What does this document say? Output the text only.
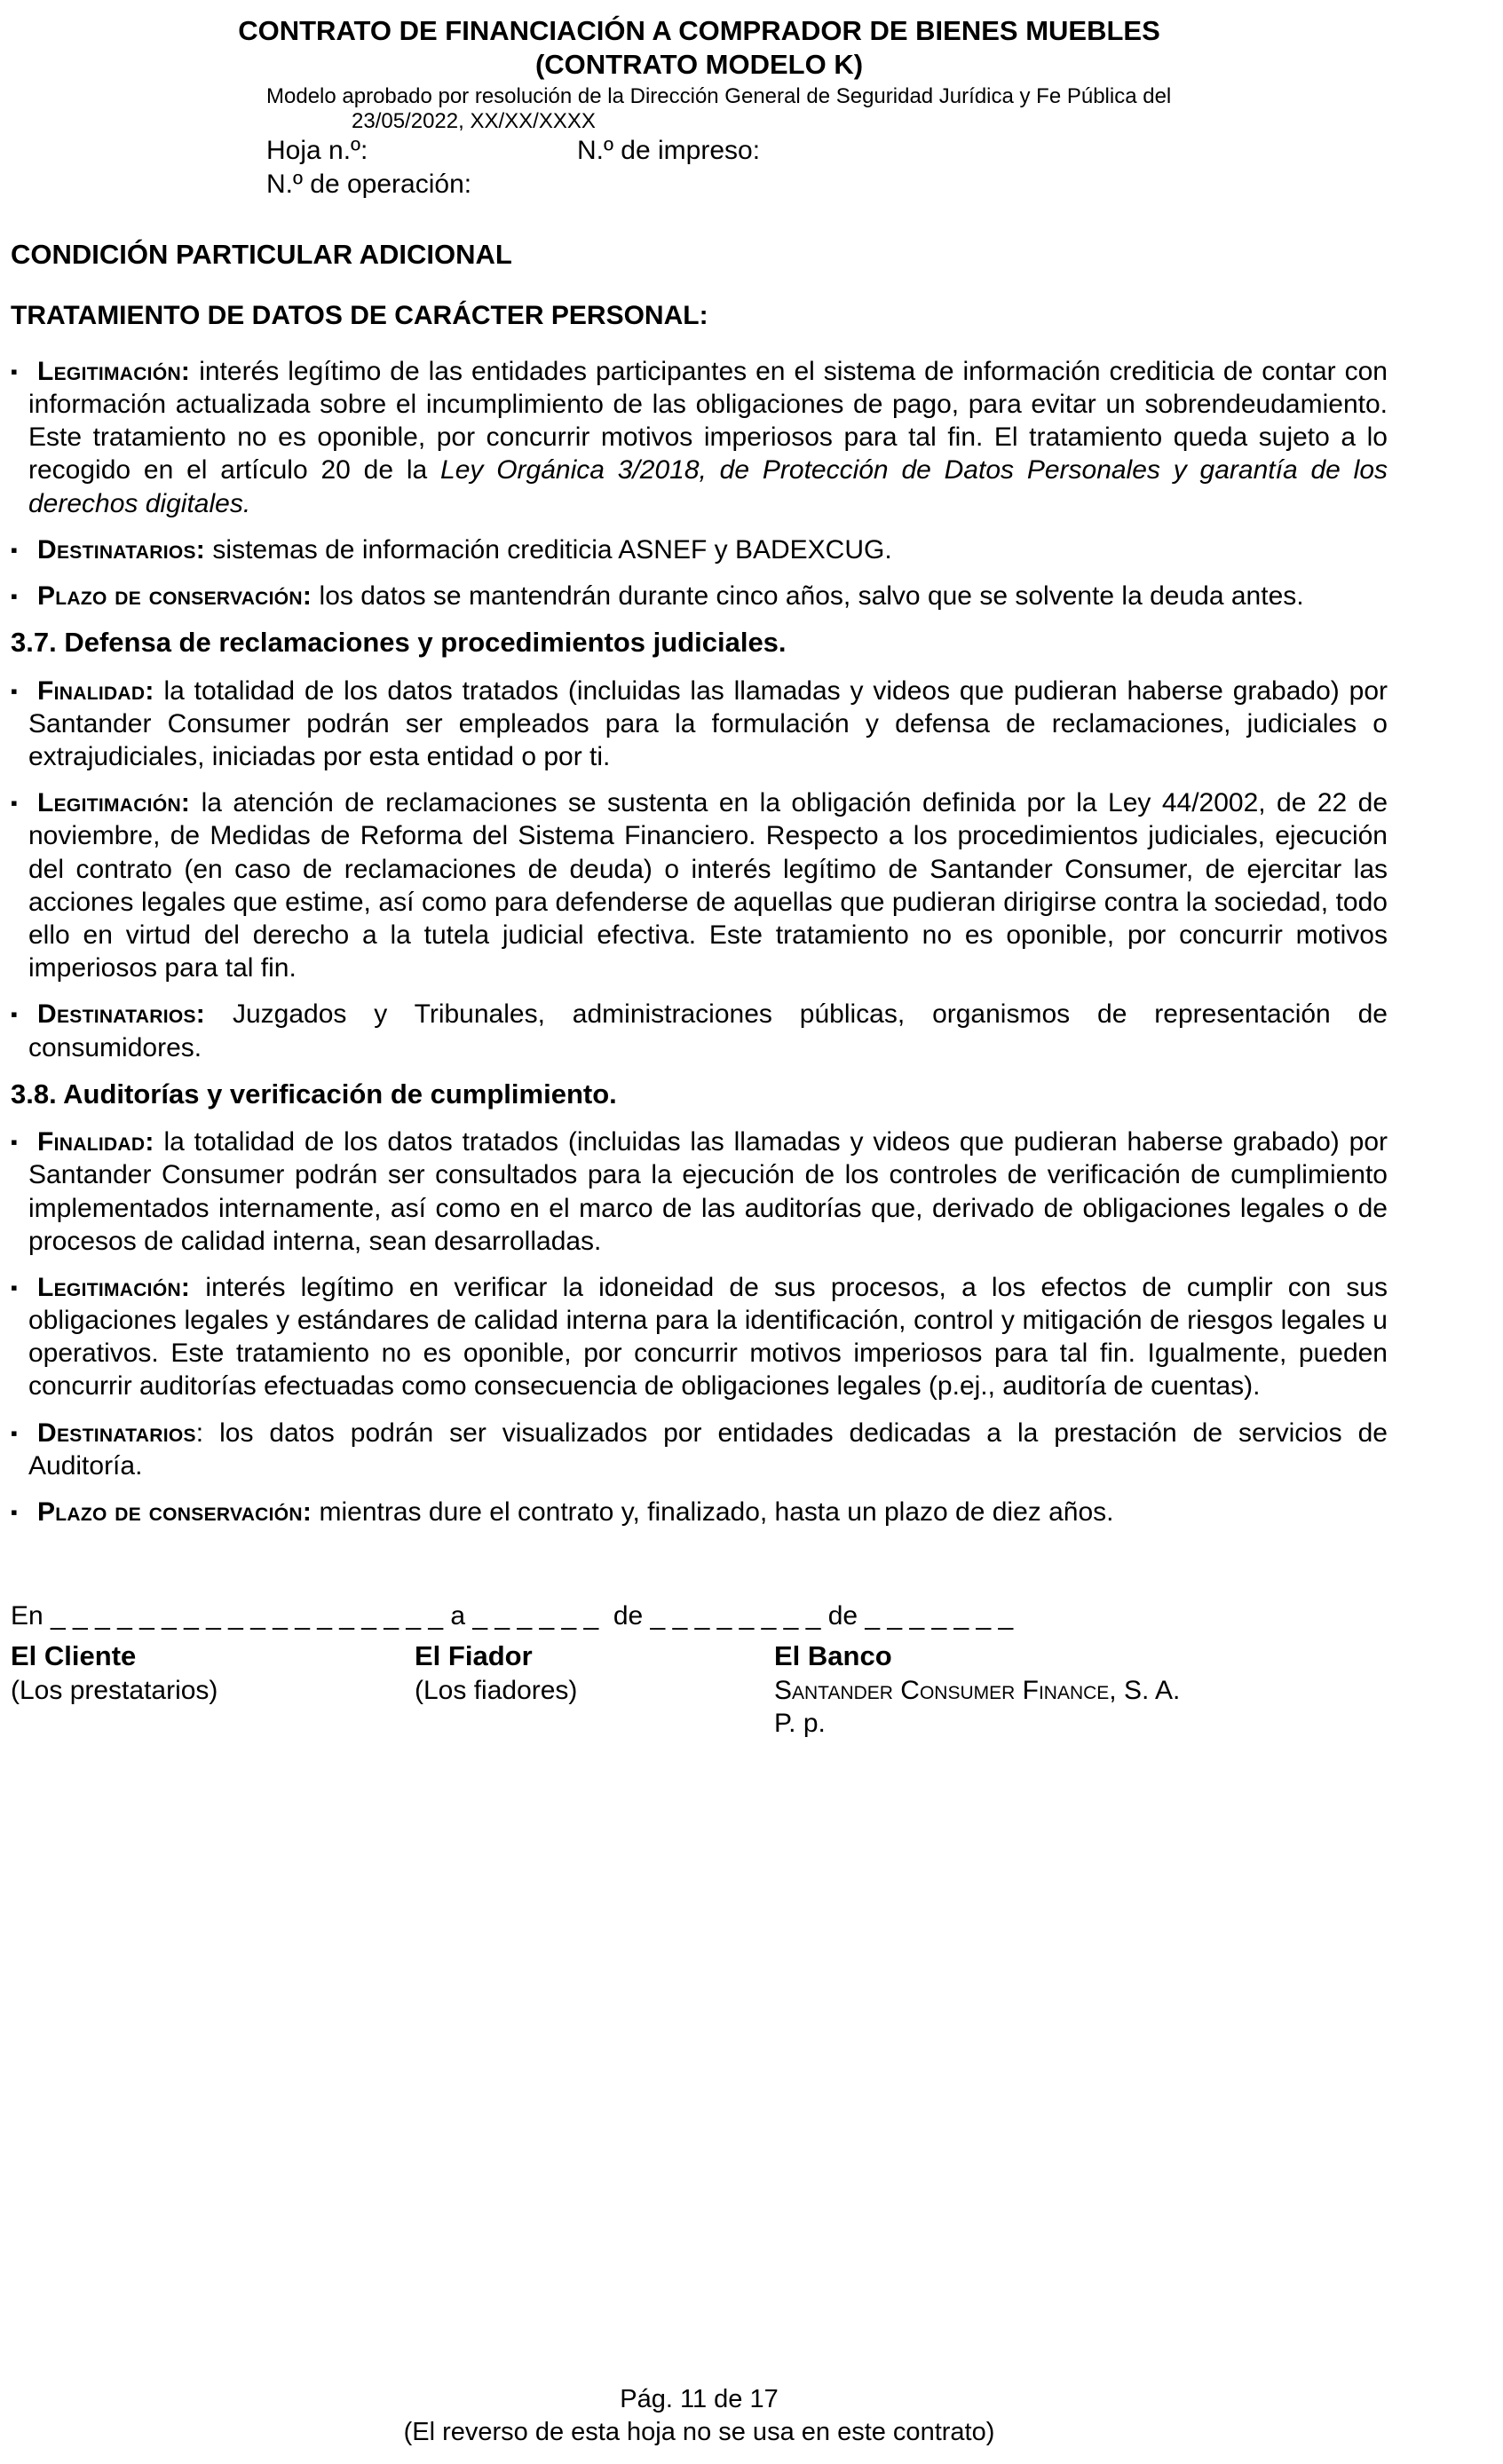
CONTRATO DE FINANCIACIÓN A COMPRADOR DE BIENES MUEBLES
(CONTRATO MODELO K)
Modelo aprobado por resolución de la Dirección General de Seguridad Jurídica y Fe Pública del
23/05/2022, XX/XX/XXXX
Hoja n.º:	N.º de impreso:
N.º de operación:
CONDICIÓN PARTICULAR ADICIONAL
TRATAMIENTO DE DATOS DE CARÁCTER PERSONAL:
▪ Legitimación: interés legítimo de las entidades participantes en el sistema de información crediticia de contar con información actualizada sobre el incumplimiento de las obligaciones de pago, para evitar un sobrendeudamiento. Este tratamiento no es oponible, por concurrir motivos imperiosos para tal fin. El tratamiento queda sujeto a lo recogido en el artículo 20 de la Ley Orgánica 3/2018, de Protección de Datos Personales y garantía de los derechos digitales.
▪ Destinatarios: sistemas de información crediticia ASNEF y BADEXCUG.
▪ Plazo de conservación: los datos se mantendrán durante cinco años, salvo que se solvente la deuda antes.
3.7. Defensa de reclamaciones y procedimientos judiciales.
▪ Finalidad: la totalidad de los datos tratados (incluidas las llamadas y videos que pudieran haberse grabado) por Santander Consumer podrán ser empleados para la formulación y defensa de reclamaciones, judiciales o extrajudiciales, iniciadas por esta entidad o por ti.
▪ Legitimación: la atención de reclamaciones se sustenta en la obligación definida por la Ley 44/2002, de 22 de noviembre, de Medidas de Reforma del Sistema Financiero. Respecto a los procedimientos judiciales, ejecución del contrato (en caso de reclamaciones de deuda) o interés legítimo de Santander Consumer, de ejercitar las acciones legales que estime, así como para defenderse de aquellas que pudieran dirigirse contra la sociedad, todo ello en virtud del derecho a la tutela judicial efectiva. Este tratamiento no es oponible, por concurrir motivos imperiosos para tal fin.
▪ Destinatarios: Juzgados y Tribunales, administraciones públicas, organismos de representación de consumidores.
3.8. Auditorías y verificación de cumplimiento.
▪ Finalidad: la totalidad de los datos tratados (incluidas las llamadas y videos que pudieran haberse grabado) por Santander Consumer podrán ser consultados para la ejecución de los controles de verificación de cumplimiento implementados internamente, así como en el marco de las auditorías que, derivado de obligaciones legales o de procesos de calidad interna, sean desarrolladas.
▪ Legitimación: interés legítimo en verificar la idoneidad de sus procesos, a los efectos de cumplir con sus obligaciones legales y estándares de calidad interna para la identificación, control y mitigación de riesgos legales u operativos. Este tratamiento no es oponible, por concurrir motivos imperiosos para tal fin. Igualmente, pueden concurrir auditorías efectuadas como consecuencia de obligaciones legales (p.ej., auditoría de cuentas).
▪ Destinatarios: los datos podrán ser visualizados por entidades dedicadas a la prestación de servicios de Auditoría.
▪ Plazo de conservación: mientras dure el contrato y, finalizado, hasta un plazo de diez años.
En _ _ _ _ _ _ _ _ _ _ _ _ _ _ _ _ _ _ a _ _ _ _ _ _  de _ _ _ _ _ _ _ _ de _ _ _ _ _ _ _
El Cliente
(Los prestatarios)
El Fiador
(Los fiadores)
El Banco
Santander Consumer Finance, S. A.
P. p.
Pág. 11 de 17
(El reverso de esta hoja no se usa en este contrato)
